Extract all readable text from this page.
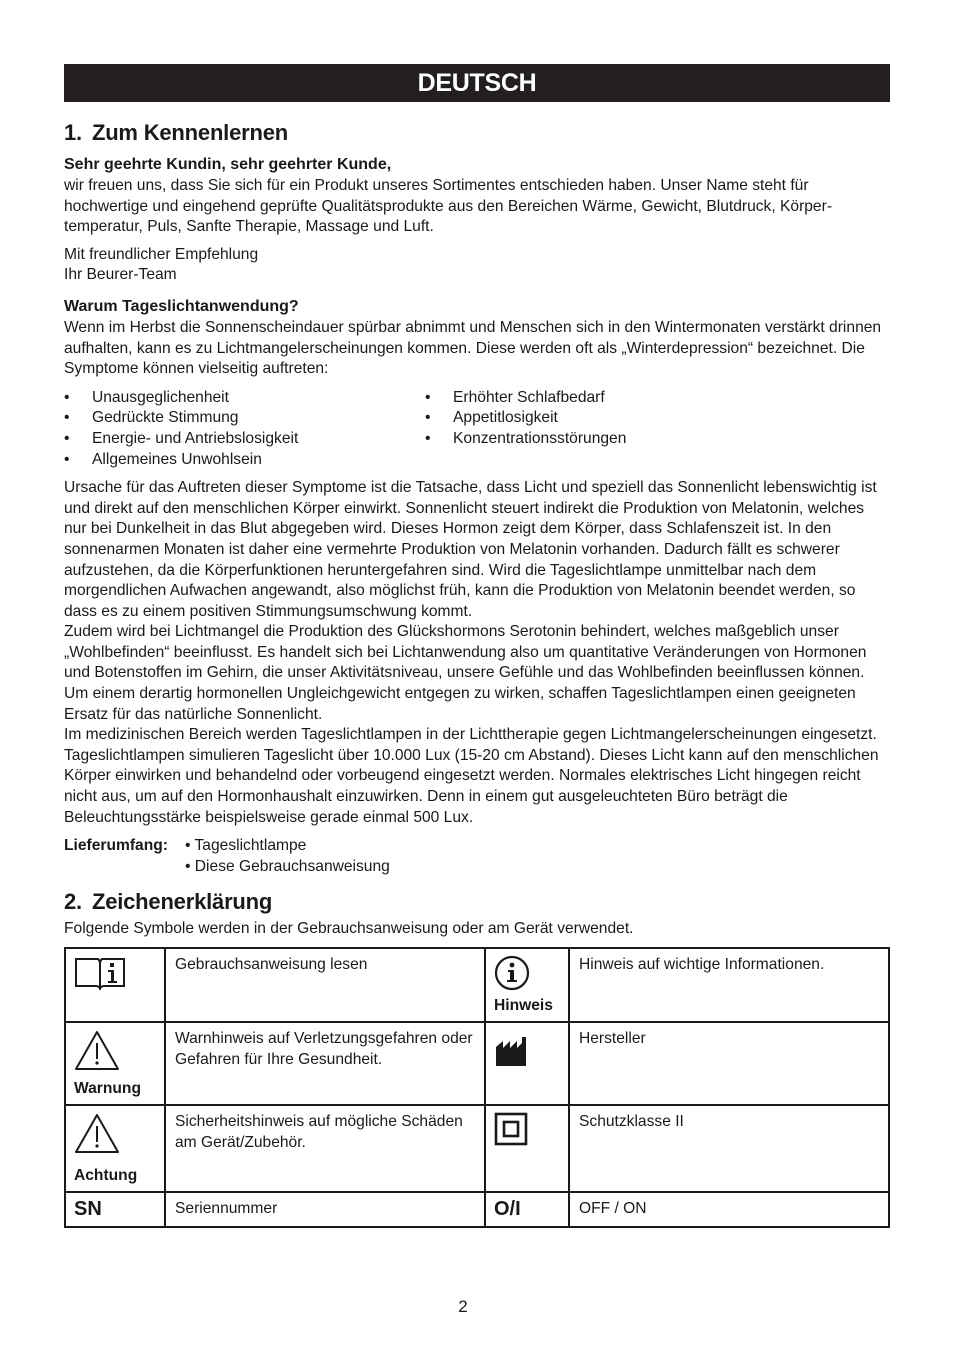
DEUTSCH
1. Zum Kennenlernen
Sehr geehrte Kundin, sehr geehrter Kunde,

wir freuen uns, dass Sie sich für ein Produkt unseres Sortimentes entschieden haben. Unser Name steht für hochwertige und eingehend geprüfte Qualitätsprodukte aus den Bereichen Wärme, Gewicht, Blutdruck, Körpertemperatur, Puls, Sanfte Therapie, Massage und Luft.

Mit freundlicher Empfehlung

Ihr Beurer-Team

Warum Tageslichtanwendung?

Wenn im Herbst die Sonnenscheindauer spürbar abnimmt und Menschen sich in den Wintermonaten verstärkt drinnen aufhalten, kann es zu Lichtmangelerscheinungen kommen. Diese werden oft als „Winterdepression“ bezeichnet. Die Symptome können vielseitig auftreten:

• Unausgeglichenheit
• Gedrückte Stimmung
• Energie- und Antriebslosigkeit
• Allgemeines Unwohlsein
• Erhöhter Schlafbedarf
• Appetitlosigkeit
• Konzentrationsstörungen

Ursache für das Auftreten dieser Symptome ist die Tatsache, dass Licht und speziell das Sonnenlicht lebenswichtig ist und direkt auf den menschlichen Körper einwirkt. Sonnenlicht steuert indirekt die Produktion von Melatonin, welches nur bei Dunkelheit in das Blut abgegeben wird. Dieses Hormon zeigt dem Körper, dass Schlafenszeit ist. In den sonnenarmen Monaten ist daher eine vermehrte Produktion von Melatonin vorhanden. Dadurch fällt es schwerer aufzustehen, da die Körperfunktionen heruntergefahren sind. Wird die Tageslichtlampe unmittelbar nach dem morgendlichen Aufwachen angewandt, also möglichst früh, kann die Produktion von Melatonin beendet werden, so dass es zu einem positiven Stimmungsumschwung kommt.

Zudem wird bei Lichtmangel die Produktion des Glückshormons Serotonin behindert, welches maßgeblich unser „Wohlbefinden“ beeinflusst. Es handelt sich bei Lichtanwendung also um quantitative Veränderungen von Hormonen und Botenstoffen im Gehirn, die unser Aktivitätsniveau, unsere Gefühle und das Wohlbefinden beeinflussen können. Um einem derartig hormonellen Ungleichgewicht entgegen zu wirken, schaffen Tageslichtlampen einen geeigneten Ersatz für das natürliche Sonnenlicht.

Im medizinischen Bereich werden Tageslichtlampen in der Lichttherapie gegen Lichtmangelerscheinungen eingesetzt. Tageslichtlampen simulieren Tageslicht über 10.000 Lux (15-20 cm Abstand). Dieses Licht kann auf den menschlichen Körper einwirken und behandelnd oder vorbeugend eingesetzt werden. Normales elektrisches Licht hingegen reicht nicht aus, um auf den Hormonhaushalt einzuwirken. Denn in einem gut ausgeleuchteten Büro beträgt die Beleuchtungsstärke beispielsweise gerade einmal 500 Lux.

Lieferumfang:	• Tageslichtlampe
• Diese Gebrauchsanweisung
2. Zeichenerklärung

Folgende Symbole werden in der Gebrauchsanweisung oder am Gerät verwendet.

	Gebrauchsanweisung lesen	Hinweis	Hinweis auf wichtige Informationen.

Warnung	Warnhinweis auf Verletzungsgefahren oder Gefahren für Ihre Gesundheit.		Hersteller

Achtung	Sicherheitshinweis auf mögliche Schäden am Gerät/Zubehör.		Schutzklasse II
SN	Seriennummer	O/I	OFF / ON
2
